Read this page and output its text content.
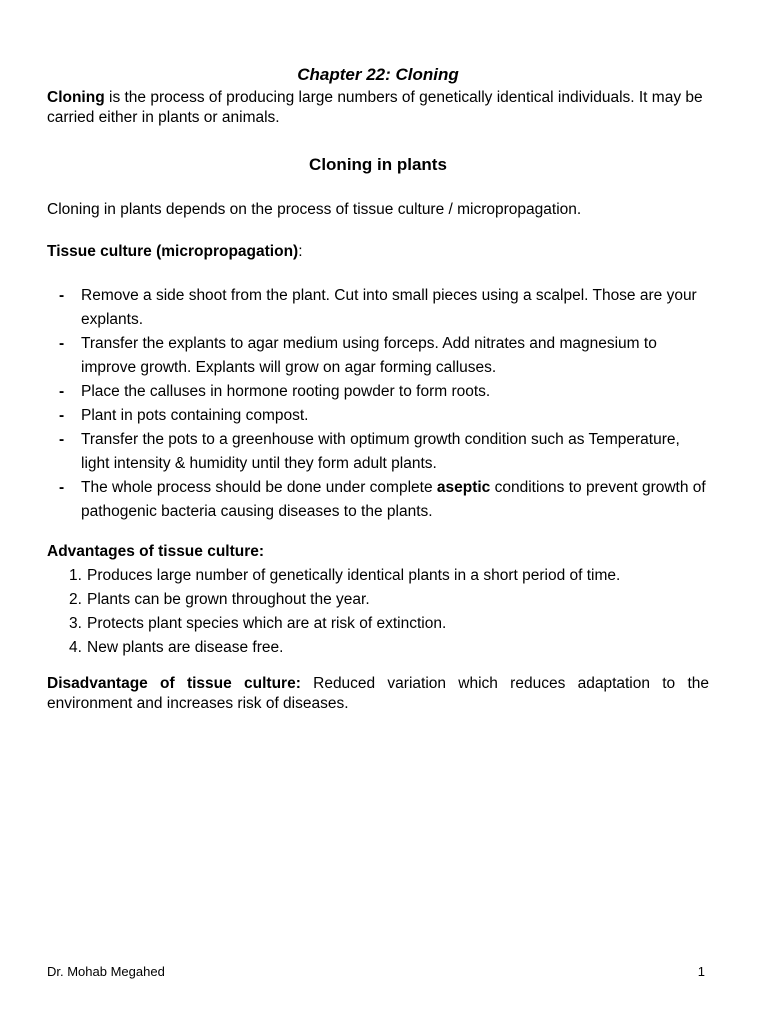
Chapter 22: Cloning

Cloning is the process of producing large numbers of genetically identical individuals. It may be carried either in plants or animals.

Cloning in plants

Cloning in plants depends on the process of tissue culture / micropropagation.

Tissue culture (micropropagation):

- Remove a side shoot from the plant. Cut into small pieces using a scalpel. Those are your explants.
- Transfer the explants to agar medium using forceps. Add nitrates and magnesium to improve growth. Explants will grow on agar forming calluses.
- Place the calluses in hormone rooting powder to form roots.
- Plant in pots containing compost.
- Transfer the pots to a greenhouse with optimum growth condition such as Temperature, light intensity & humidity until they form adult plants.
- The whole process should be done under complete aseptic conditions to prevent growth of pathogenic bacteria causing diseases to the plants.

Advantages of tissue culture:

1. Produces large number of genetically identical plants in a short period of time.
2. Plants can be grown throughout the year.
3. Protects plant species which are at risk of extinction.
4. New plants are disease free.

Disadvantage of tissue culture: Reduced variation which reduces adaptation to the environment and increases risk of diseases.

Dr. Mohab Megahed	1
